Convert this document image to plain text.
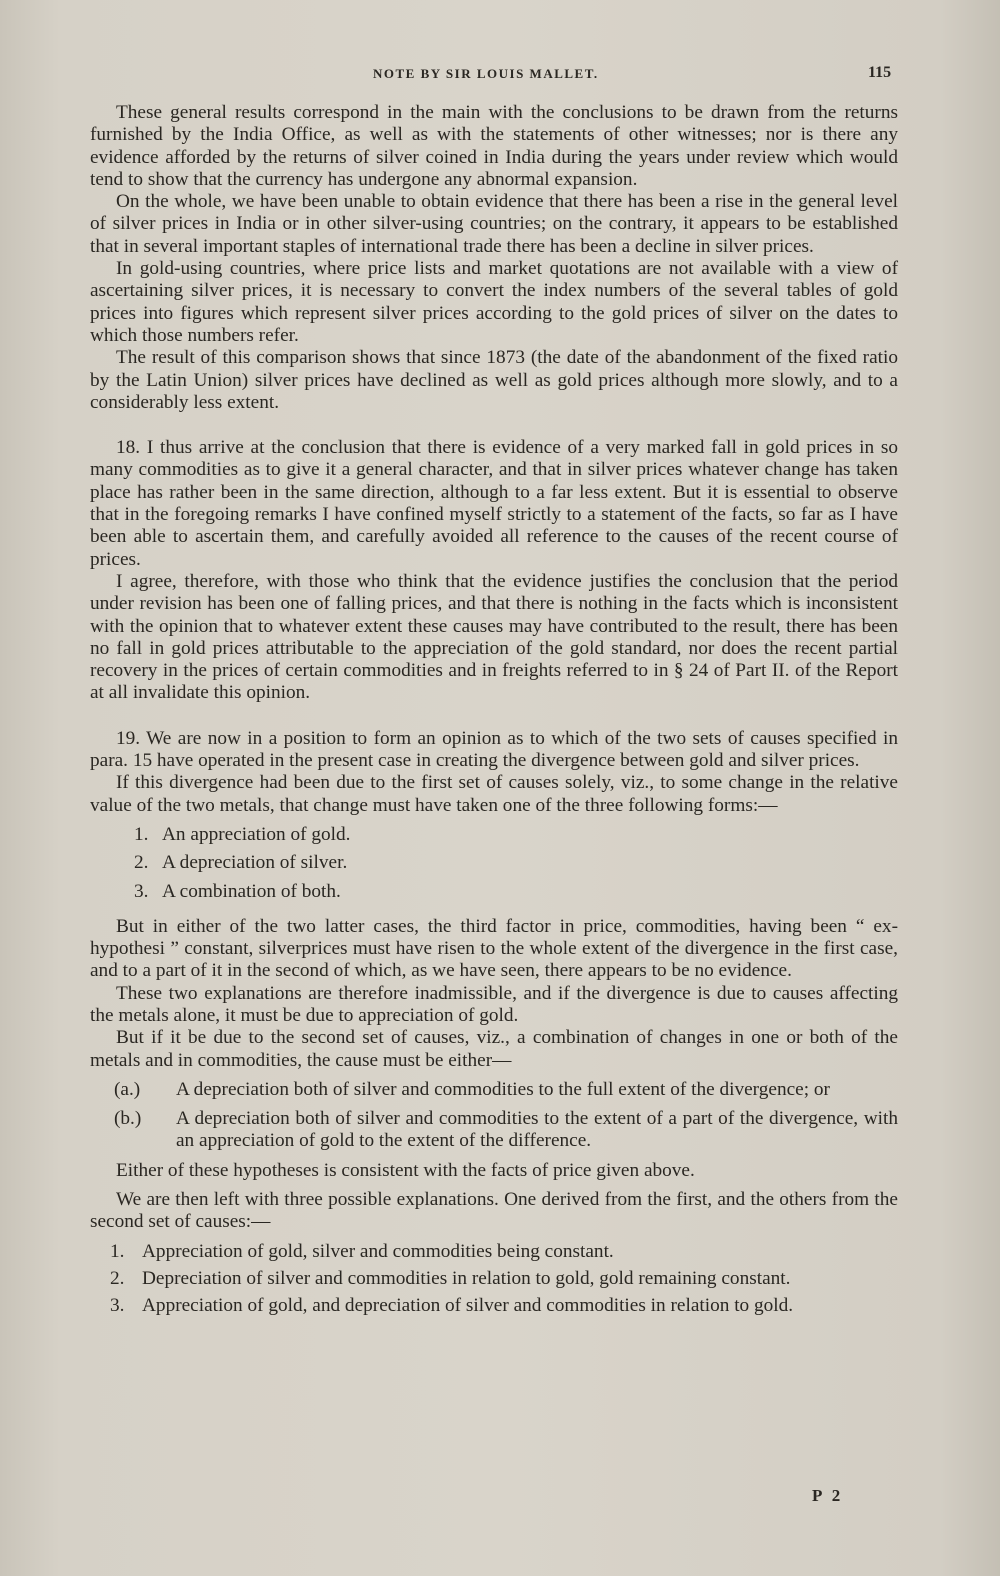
NOTE BY SIR LOUIS MALLET.	115

These general results correspond in the main with the conclusions to be drawn from the returns furnished by the India Office, as well as with the statements of other witnesses; nor is there any evidence afforded by the returns of silver coined in India during the years under review which would tend to show that the currency has undergone any abnormal expansion.

On the whole, we have been unable to obtain evidence that there has been a rise in the general level of silver prices in India or in other silver-using countries; on the contrary, it appears to be established that in several important staples of international trade there has been a decline in silver prices.

In gold-using countries, where price lists and market quotations are not available with a view of ascertaining silver prices, it is necessary to convert the index numbers of the several tables of gold prices into figures which represent silver prices according to the gold prices of silver on the dates to which those numbers refer.

The result of this comparison shows that since 1873 (the date of the abandonment of the fixed ratio by the Latin Union) silver prices have declined as well as gold prices although more slowly, and to a considerably less extent.

18. I thus arrive at the conclusion that there is evidence of a very marked fall in gold prices in so many commodities as to give it a general character, and that in silver prices whatever change has taken place has rather been in the same direction, although to a far less extent. But it is essential to observe that in the foregoing remarks I have confined myself strictly to a statement of the facts, so far as I have been able to ascertain them, and carefully avoided all reference to the causes of the recent course of prices.

I agree, therefore, with those who think that the evidence justifies the conclusion that the period under revision has been one of falling prices, and that there is nothing in the facts which is inconsistent with the opinion that to whatever extent these causes may have contributed to the result, there has been no fall in gold prices attributable to the appreciation of the gold standard, nor does the recent partial recovery in the prices of certain commodities and in freights referred to in § 24 of Part II. of the Report at all invalidate this opinion.

19. We are now in a position to form an opinion as to which of the two sets of causes specified in para. 15 have operated in the present case in creating the divergence between gold and silver prices.

If this divergence had been due to the first set of causes solely, viz., to some change in the relative value of the two metals, that change must have taken one of the three following forms:—

1. An appreciation of gold.
2. A depreciation of silver.
3. A combination of both.

But in either of the two latter cases, the third factor in price, commodities, having been “ ex-hypothesi ” constant, silverprices must have risen to the whole extent of the divergence in the first case, and to a part of it in the second of which, as we have seen, there appears to be no evidence.

These two explanations are therefore inadmissible, and if the divergence is due to causes affecting the metals alone, it must be due to appreciation of gold.

But if it be due to the second set of causes, viz., a combination of changes in one or both of the metals and in commodities, the cause must be either—

(a.) A depreciation both of silver and commodities to the full extent of the divergence; or
(b.) A depreciation both of silver and commodities to the extent of a part of the divergence, with an appreciation of gold to the extent of the difference.

Either of these hypotheses is consistent with the facts of price given above.

We are then left with three possible explanations. One derived from the first, and the others from the second set of causes:—

1. Appreciation of gold, silver and commodities being constant.
2. Depreciation of silver and commodities in relation to gold, gold remaining constant.
3. Appreciation of gold, and depreciation of silver and commodities in relation to gold.
P 2
